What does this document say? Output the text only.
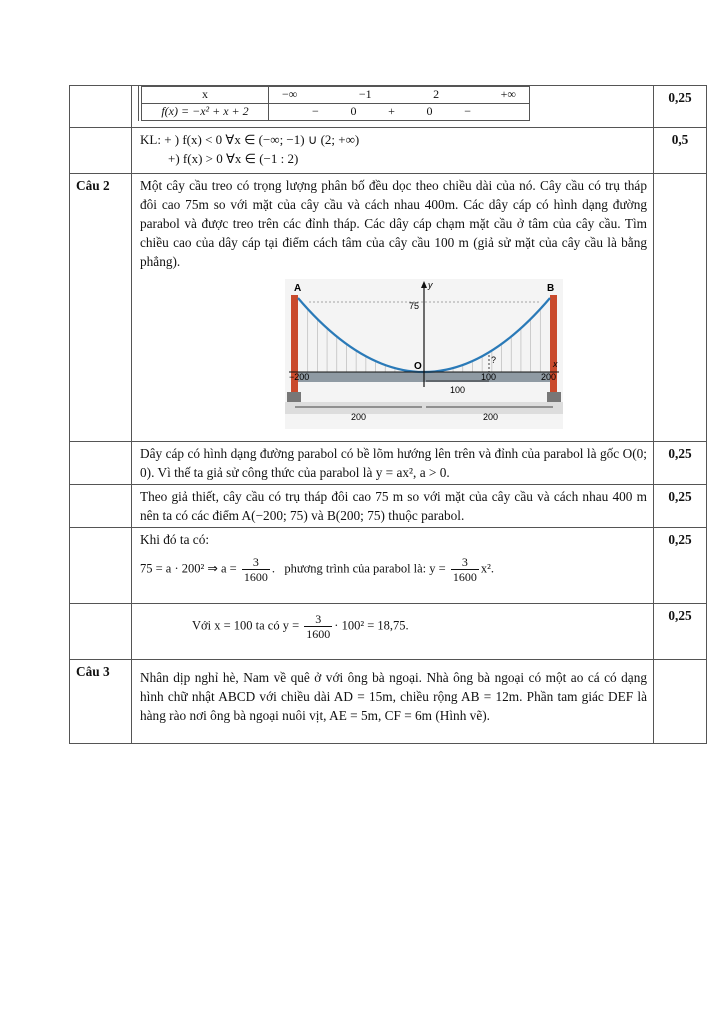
x	−∞	−1	2	+∞

f(x) = −x² + x + 2	−	0	+	0	−
	0,25

KL: + ) f(x) < 0 ∀x ∈ (−∞; −1) ∪ (2; +∞)
+) f(x) > 0 ∀x ∈ (−1 : 2)
	0,5
Câu 2	Một cây cầu treo có trọng lượng phân bố đều dọc theo chiều dài của nó. Cây cầu có trụ tháp đôi cao 75m so với mặt của cây cầu và cách nhau 400m. Các dây cáp có hình dạng đường parabol và được treo trên các đỉnh tháp. Các dây cáp chạm mặt cầu ở tâm của cây cầu. Tìm chiều cao của dây cáp tại điểm cách tâm của cây cầu 100 m (giả sử mặt của cây cầu là bằng phẳng).
A	B
O
y
x
75
?
−200	100	200
100
200	200

	Dây cáp có hình dạng đường parabol có bề lõm hướng lên trên và đỉnh của parabol là gốc O(0; 0). Vì thế ta giả sử công thức của parabol là y = ax², a > 0.	0,25
	Theo giả thiết, cây cầu có trụ tháp đôi cao 75 m so với mặt của cây cầu và cách nhau 400 m nên ta có các điểm A(−200; 75) và B(200; 75) thuộc parabol.	0,25

Khi đó ta có:
75 = a · 200² ⇒ $a = \frac{3}{1600}$ .   phương trình của parabol là: $y = \frac{3}{1600} x^2$.
	0,25

Với x = 100 ta có $y = \frac{3}{1600} \cdot 100^2 = 18,75$.
	0,25
Câu 3	Nhân dịp nghỉ hè, Nam về quê ở với ông bà ngoại. Nhà ông bà ngoại có một ao cá có dạng hình chữ nhật ABCD với chiều dài AD = 15m, chiều rộng AB = 12m. Phần tam giác DEF là hàng rào nơi ông bà ngoại nuôi vịt, AE = 5m, CF = 6m (Hình vẽ).	
